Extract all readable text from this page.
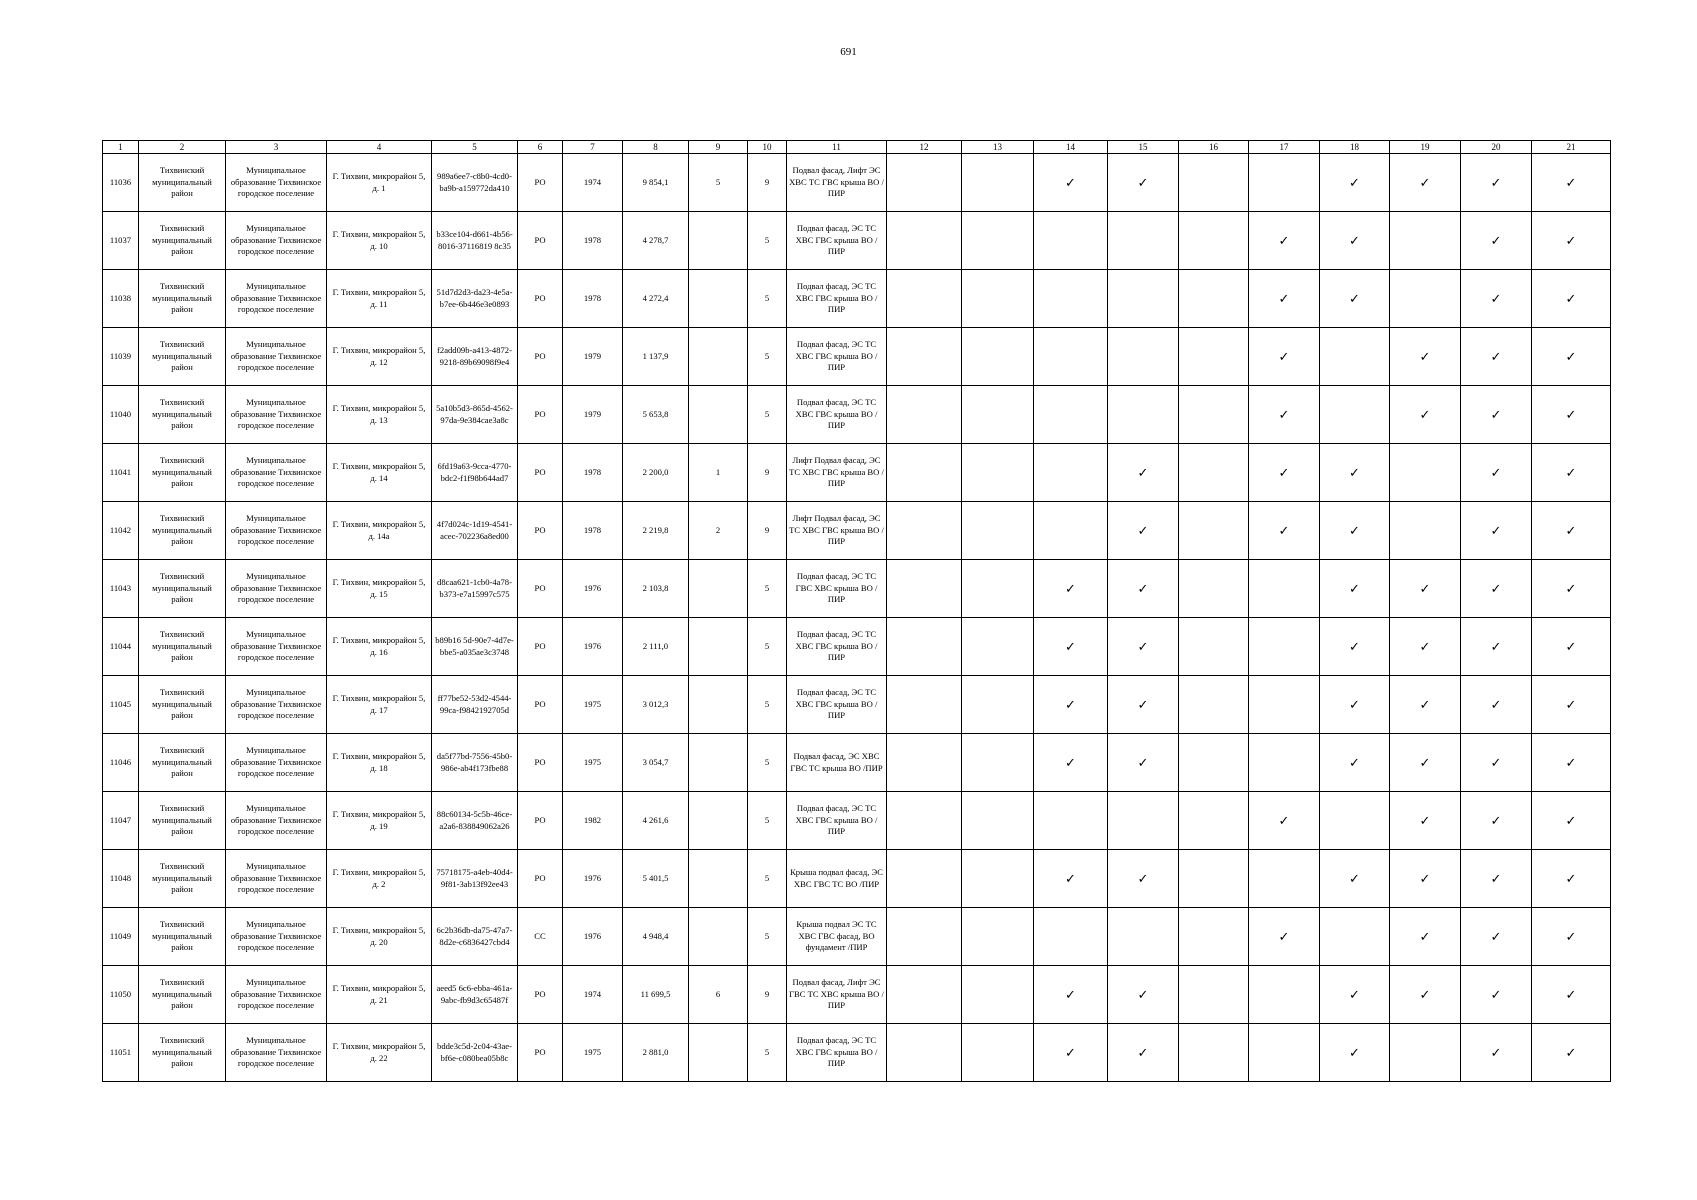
691
1	2	3	4	5	6	7	8	9	10	11	12	13	14	15	16	17	18	19	20	21
11036	Тихвинский муниципальный район	Муниципальное образование Тихвинское городское поселение	Г. Тихвин, микрорайон 5, д. 1	989a6ee7-c8b0-4cd0-ba9b-a159772da410	РО	1974	9 854,1	5	9	Подвал фасад, Лифт ЭС ХВС ТС ГВС крыша ВО /ПИР			✓	✓			✓	✓	✓	✓
11037	Тихвинский муниципальный район	Муниципальное образование Тихвинское городское поселение	Г. Тихвин, микрорайон 5, д. 10	b33ce104-d661-4b56-8016-37116819 8c35	РО	1978	4 278,7		5	Подвал фасад, ЭС ТС ХВС ГВС крыша ВО /ПИР						✓	✓		✓	✓
11038	Тихвинский муниципальный район	Муниципальное образование Тихвинское городское поселение	Г. Тихвин, микрорайон 5, д. 11	51d7d2d3-da23-4e5a-b7ee-6b446e3e0893	РО	1978	4 272,4		5	Подвал фасад, ЭС ТС ХВС ГВС крыша ВО /ПИР						✓	✓		✓	✓
11039	Тихвинский муниципальный район	Муниципальное образование Тихвинское городское поселение	Г. Тихвин, микрорайон 5, д. 12	f2add09b-a413-4872-9218-89b69098f9e4	РО	1979	1 137,9		5	Подвал фасад, ЭС ТС ХВС ГВС крыша ВО /ПИР						✓		✓	✓	✓
11040	Тихвинский муниципальный район	Муниципальное образование Тихвинское городское поселение	Г. Тихвин, микрорайон 5, д. 13	5a10b5d3-865d-4562-97da-9e384cae3a8c	РО	1979	5 653,8		5	Подвал фасад, ЭС ТС ХВС ГВС крыша ВО /ПИР						✓		✓	✓	✓
11041	Тихвинский муниципальный район	Муниципальное образование Тихвинское городское поселение	Г. Тихвин, микрорайон 5, д. 14	6fd19a63-9cca-4770-bdc2-f1f98b644ad7	РО	1978	2 200,0	1	9	Лифт Подвал фасад, ЭС ТС ХВС ГВС крыша ВО /ПИР				✓		✓	✓		✓	✓
11042	Тихвинский муниципальный район	Муниципальное образование Тихвинское городское поселение	Г. Тихвин, микрорайон 5, д. 14а	4f7d024c-1d19-4541-acec-702236a8ed00	РО	1978	2 219,8	2	9	Лифт Подвал фасад, ЭС ТС ХВС ГВС крыша ВО /ПИР				✓		✓	✓		✓	✓
11043	Тихвинский муниципальный район	Муниципальное образование Тихвинское городское поселение	Г. Тихвин, микрорайон 5, д. 15	d8caa621-1cb0-4a78-b373-e7a15997c575	РО	1976	2 103,8		5	Подвал фасад, ЭС ТС ГВС ХВС крыша ВО /ПИР			✓	✓			✓	✓	✓	✓
11044	Тихвинский муниципальный район	Муниципальное образование Тихвинское городское поселение	Г. Тихвин, микрорайон 5, д. 16	b89b16 5d-90e7-4d7e-bbe5-a035ae3c3748	РО	1976	2 111,0		5	Подвал фасад, ЭС ТС ХВС ГВС крыша ВО /ПИР			✓	✓			✓	✓	✓	✓
11045	Тихвинский муниципальный район	Муниципальное образование Тихвинское городское поселение	Г. Тихвин, микрорайон 5, д. 17	ff77be52-53d2-4544-99ca-f9842192705d	РО	1975	3 012,3		5	Подвал фасад, ЭС ТС ХВС ГВС крыша ВО /ПИР			✓	✓			✓	✓	✓	✓
11046	Тихвинский муниципальный район	Муниципальное образование Тихвинское городское поселение	Г. Тихвин, микрорайон 5, д. 18	da5f77bd-7556-45b0-986e-ab4f173fbe88	РО	1975	3 054,7		5	Подвал фасад, ЭС ХВС ГВС ТС крыша ВО /ПИР			✓	✓			✓	✓	✓	✓
11047	Тихвинский муниципальный район	Муниципальное образование Тихвинское городское поселение	Г. Тихвин, микрорайон 5, д. 19	88c60134-5c5b-46ce-a2a6-838849062a26	РО	1982	4 261,6		5	Подвал фасад, ЭС ТС ХВС ГВС крыша ВО /ПИР						✓		✓	✓	✓
11048	Тихвинский муниципальный район	Муниципальное образование Тихвинское городское поселение	Г. Тихвин, микрорайон 5, д. 2	75718175-a4eb-40d4-9f81-3ab13f92ee43	РО	1976	5 401,5		5	Крыша подвал фасад, ЭС ХВС ГВС ТС ВО /ПИР			✓	✓			✓	✓	✓	✓
11049	Тихвинский муниципальный район	Муниципальное образование Тихвинское городское поселение	Г. Тихвин, микрорайон 5, д. 20	6c2b36db-da75-47a7-8d2e-c6836427cbd4	СС	1976	4 948,4		5	Крыша подвал ЭС ТС ХВС ГВС фасад, ВО фундамент /ПИР						✓		✓	✓	✓
11050	Тихвинский муниципальный район	Муниципальное образование Тихвинское городское поселение	Г. Тихвин, микрорайон 5, д. 21	aeed5 6c6-ebba-461a-9abc-fb9d3c65487f	РО	1974	11 699,5	6	9	Подвал фасад, Лифт ЭС ГВС ТС ХВС крыша ВО /ПИР			✓	✓			✓	✓	✓	✓
11051	Тихвинский муниципальный район	Муниципальное образование Тихвинское городское поселение	Г. Тихвин, микрорайон 5, д. 22	bdde3c5d-2c04-43ae-bf6e-c080bea05b8c	РО	1975	2 881,0		5	Подвал фасад, ЭС ТС ХВС ГВС крыша ВО /ПИР			✓	✓			✓		✓	✓
